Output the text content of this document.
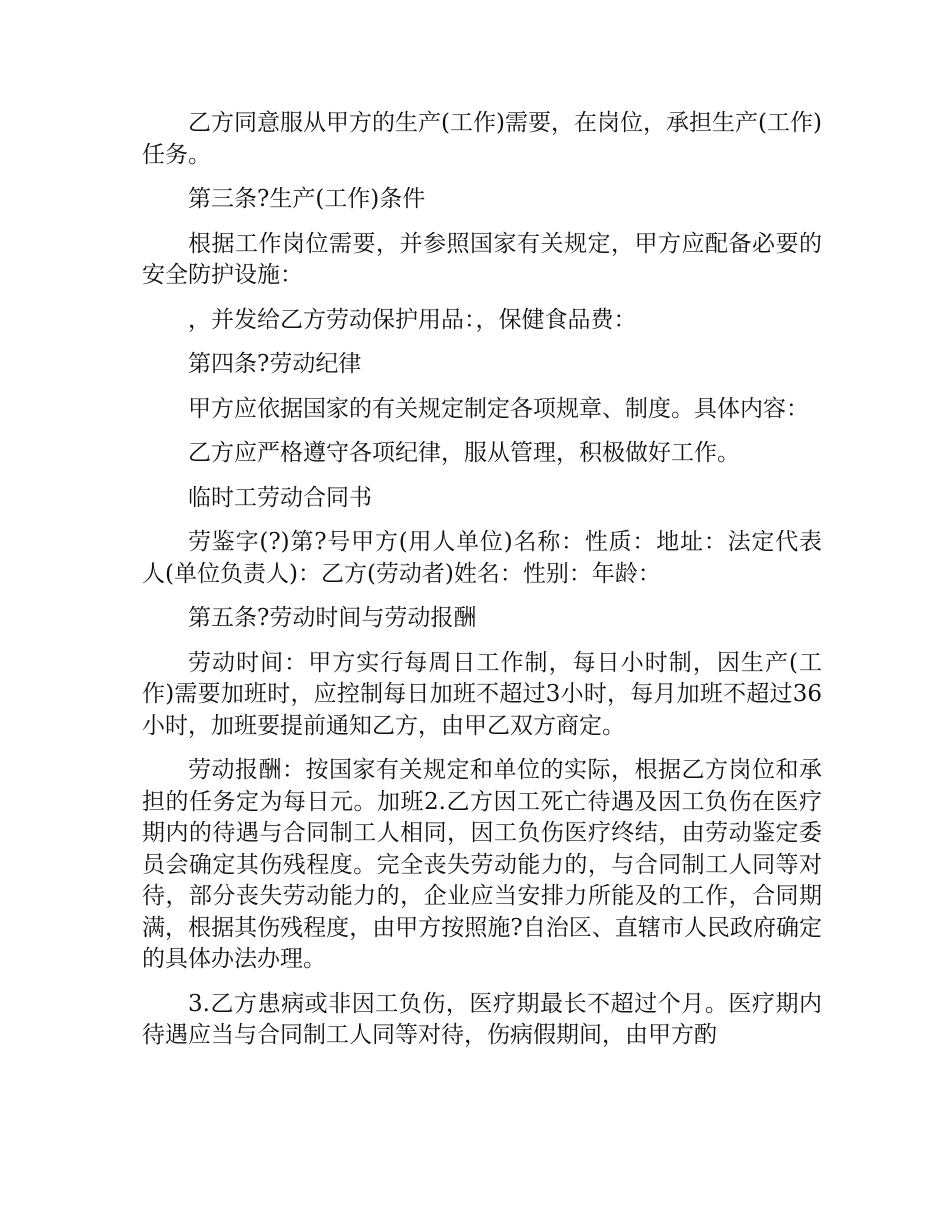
乙方同意服从甲方的生产(工作)需要，在岗位，承担生产(工作)任务。

第三条?生产(工作)条件

根据工作岗位需要，并参照国家有关规定，甲方应配备必要的安全防护设施：

，并发给乙方劳动保护用品：，保健食品费：

第四条?劳动纪律

甲方应依据国家的有关规定制定各项规章、制度。具体内容：

乙方应严格遵守各项纪律，服从管理，积极做好工作。

临时工劳动合同书

劳鉴字(?)第?号甲方(用人单位)名称：性质：地址：法定代表人(单位负责人)：乙方(劳动者)姓名：性别：年龄：

第五条?劳动时间与劳动报酬

劳动时间：甲方实行每周日工作制，每日小时制，因生产(工作)需要加班时，应控制每日加班不超过3小时，每月加班不超过36小时，加班要提前通知乙方，由甲乙双方商定。

劳动报酬：按国家有关规定和单位的实际，根据乙方岗位和承担的任务定为每日元。加班2.乙方因工死亡待遇及因工负伤在医疗期内的待遇与合同制工人相同，因工负伤医疗终结，由劳动鉴定委员会确定其伤残程度。完全丧失劳动能力的，与合同制工人同等对待，部分丧失劳动能力的，企业应当安排力所能及的工作，合同期满，根据其伤残程度，由甲方按照施?自治区、直辖市人民政府确定的具体办法办理。

3.乙方患病或非因工负伤，医疗期最长不超过个月。医疗期内待遇应当与合同制工人同等对待，伤病假期间，由甲方酌
